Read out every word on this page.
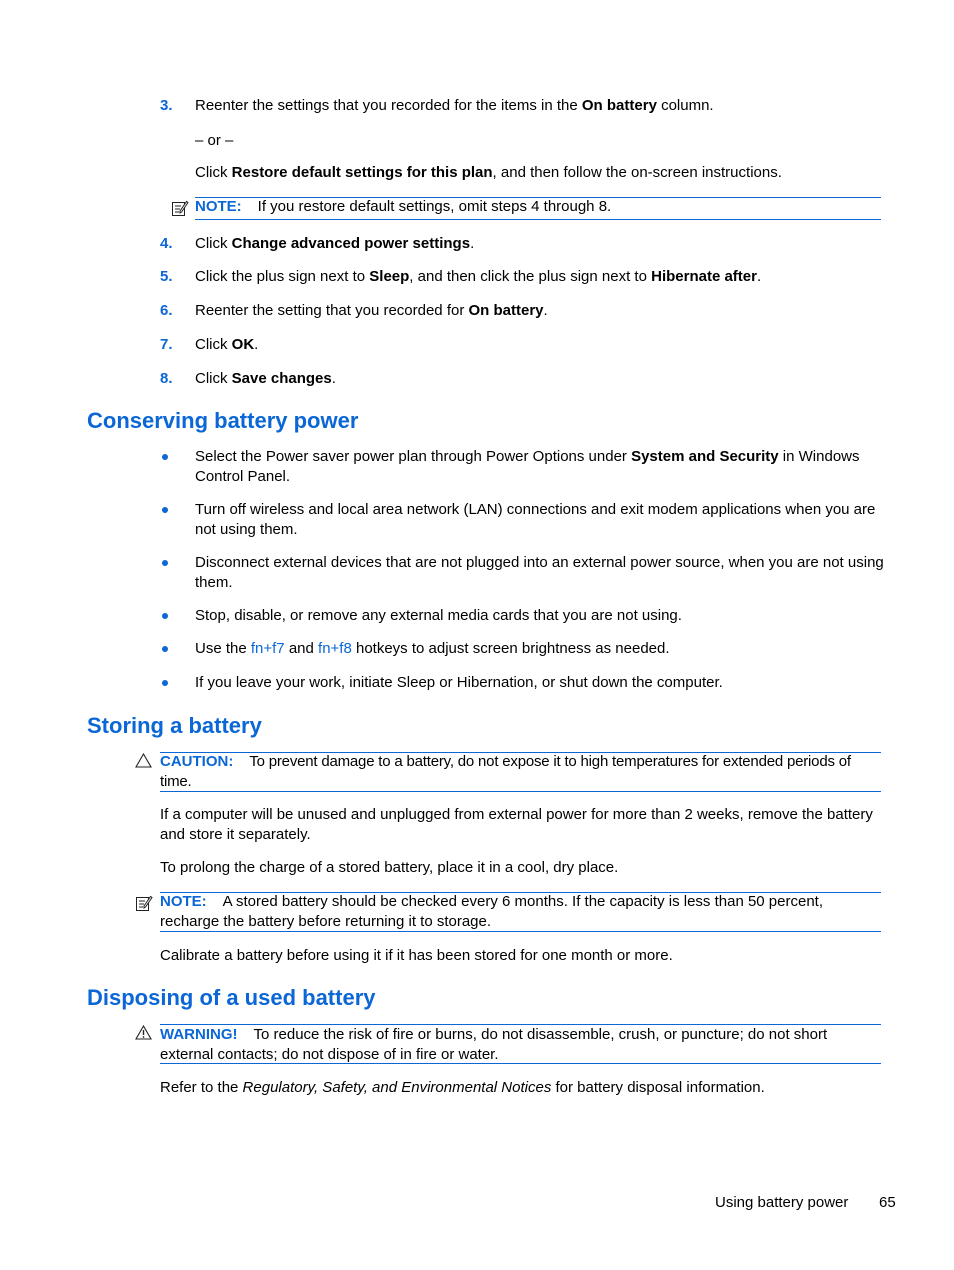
3. Reenter the settings that you recorded for the items in the On battery column.
– or –
Click Restore default settings for this plan, and then follow the on-screen instructions.
NOTE: If you restore default settings, omit steps 4 through 8.
4. Click Change advanced power settings.
5. Click the plus sign next to Sleep, and then click the plus sign next to Hibernate after.
6. Reenter the setting that you recorded for On battery.
7. Click OK.
8. Click Save changes.
Conserving battery power
Select the Power saver power plan through Power Options under System and Security in Windows Control Panel.
Turn off wireless and local area network (LAN) connections and exit modem applications when you are not using them.
Disconnect external devices that are not plugged into an external power source, when you are not using them.
Stop, disable, or remove any external media cards that you are not using.
Use the fn+f7 and fn+f8 hotkeys to adjust screen brightness as needed.
If you leave your work, initiate Sleep or Hibernation, or shut down the computer.
Storing a battery
CAUTION: To prevent damage to a battery, do not expose it to high temperatures for extended periods of time.
If a computer will be unused and unplugged from external power for more than 2 weeks, remove the battery and store it separately.
To prolong the charge of a stored battery, place it in a cool, dry place.
NOTE: A stored battery should be checked every 6 months. If the capacity is less than 50 percent, recharge the battery before returning it to storage.
Calibrate a battery before using it if it has been stored for one month or more.
Disposing of a used battery
WARNING! To reduce the risk of fire or burns, do not disassemble, crush, or puncture; do not short external contacts; do not dispose of in fire or water.
Refer to the Regulatory, Safety, and Environmental Notices for battery disposal information.
Using battery power 65
